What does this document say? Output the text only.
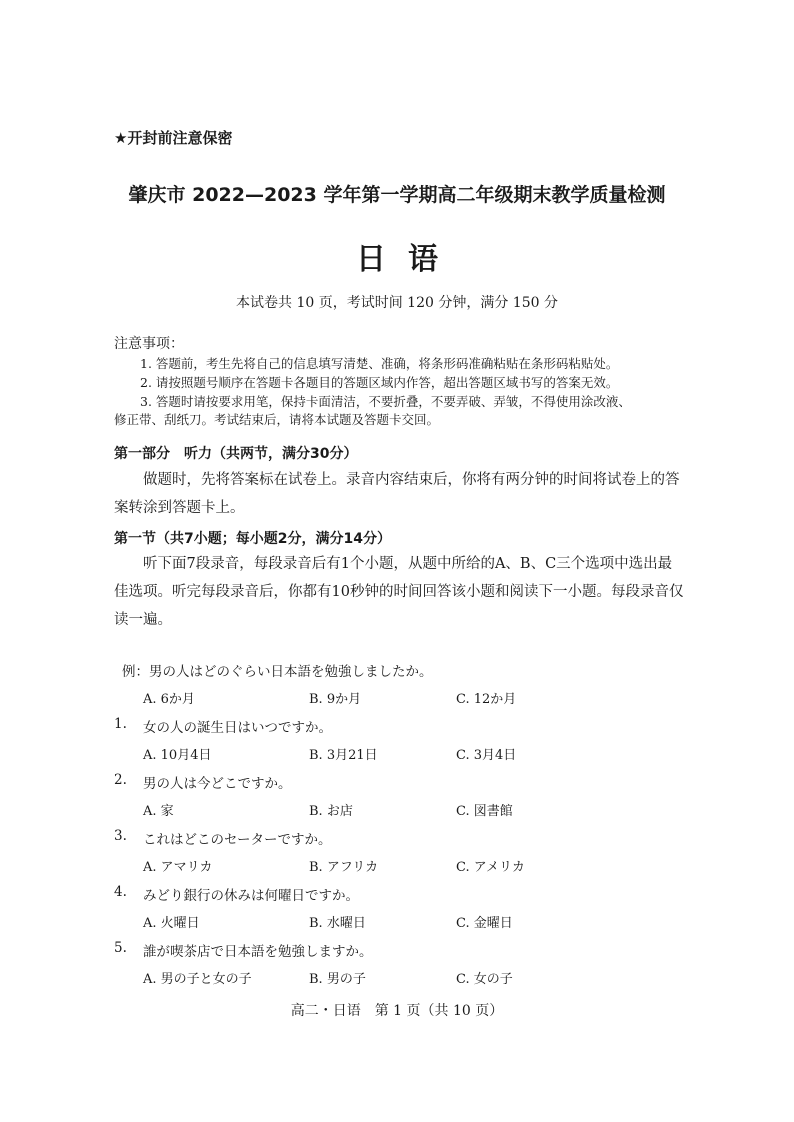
★开封前注意保密
肇庆市 2022—2023 学年第一学期高二年级期末教学质量检测
日语
本试卷共 10 页，考试时间 120 分钟，满分 150 分
注意事项：
1. 答题前，考生先将自己的信息填写清楚、准确，将条形码准确粘贴在条形码粘贴处。
2. 请按照题号顺序在答题卡各题目的答题区域内作答，超出答题区域书写的答案无效。
3. 答题时请按要求用笔，保持卡面清洁，不要折叠，不要弄破、弄皱，不得使用涂改液、
修正带、刮纸刀。考试结束后，请将本试题及答题卡交回。
第一部分　听力（共两节，满分30分）

做题时，先将答案标在试卷上。录音内容结束后，你将有两分钟的时间将试卷上的答案转涂到答题卡上。

第一节（共7小题；每小题2分，满分14分）

听下面7段录音，每段录音后有1个小题，从题中所给的A、B、C三个选项中选出最佳选项。听完每段录音后，你都有10秒钟的时间回答该小题和阅读下一小题。每段录音仅读一遍。

例：男の人はどのぐらい日本語を勉強しましたか。
A. 6か月	B. 9か月	C. 12か月
1. 女の人の誕生日はいつですか。
A. 10月4日	B. 3月21日	C. 3月4日
2. 男の人は今どこですか。
A. 家	B. お店	C. 図書館
3. これはどこのセーターですか。
A. アマリカ	B. アフリカ	C. アメリカ
4. みどり銀行の休みは何曜日ですか。
A. 火曜日	B. 水曜日	C. 金曜日
5. 誰が喫茶店で日本語を勉強しますか。
A. 男の子と女の子	B. 男の子	C. 女の子
高二・日语　第 1 页（共 10 页）
